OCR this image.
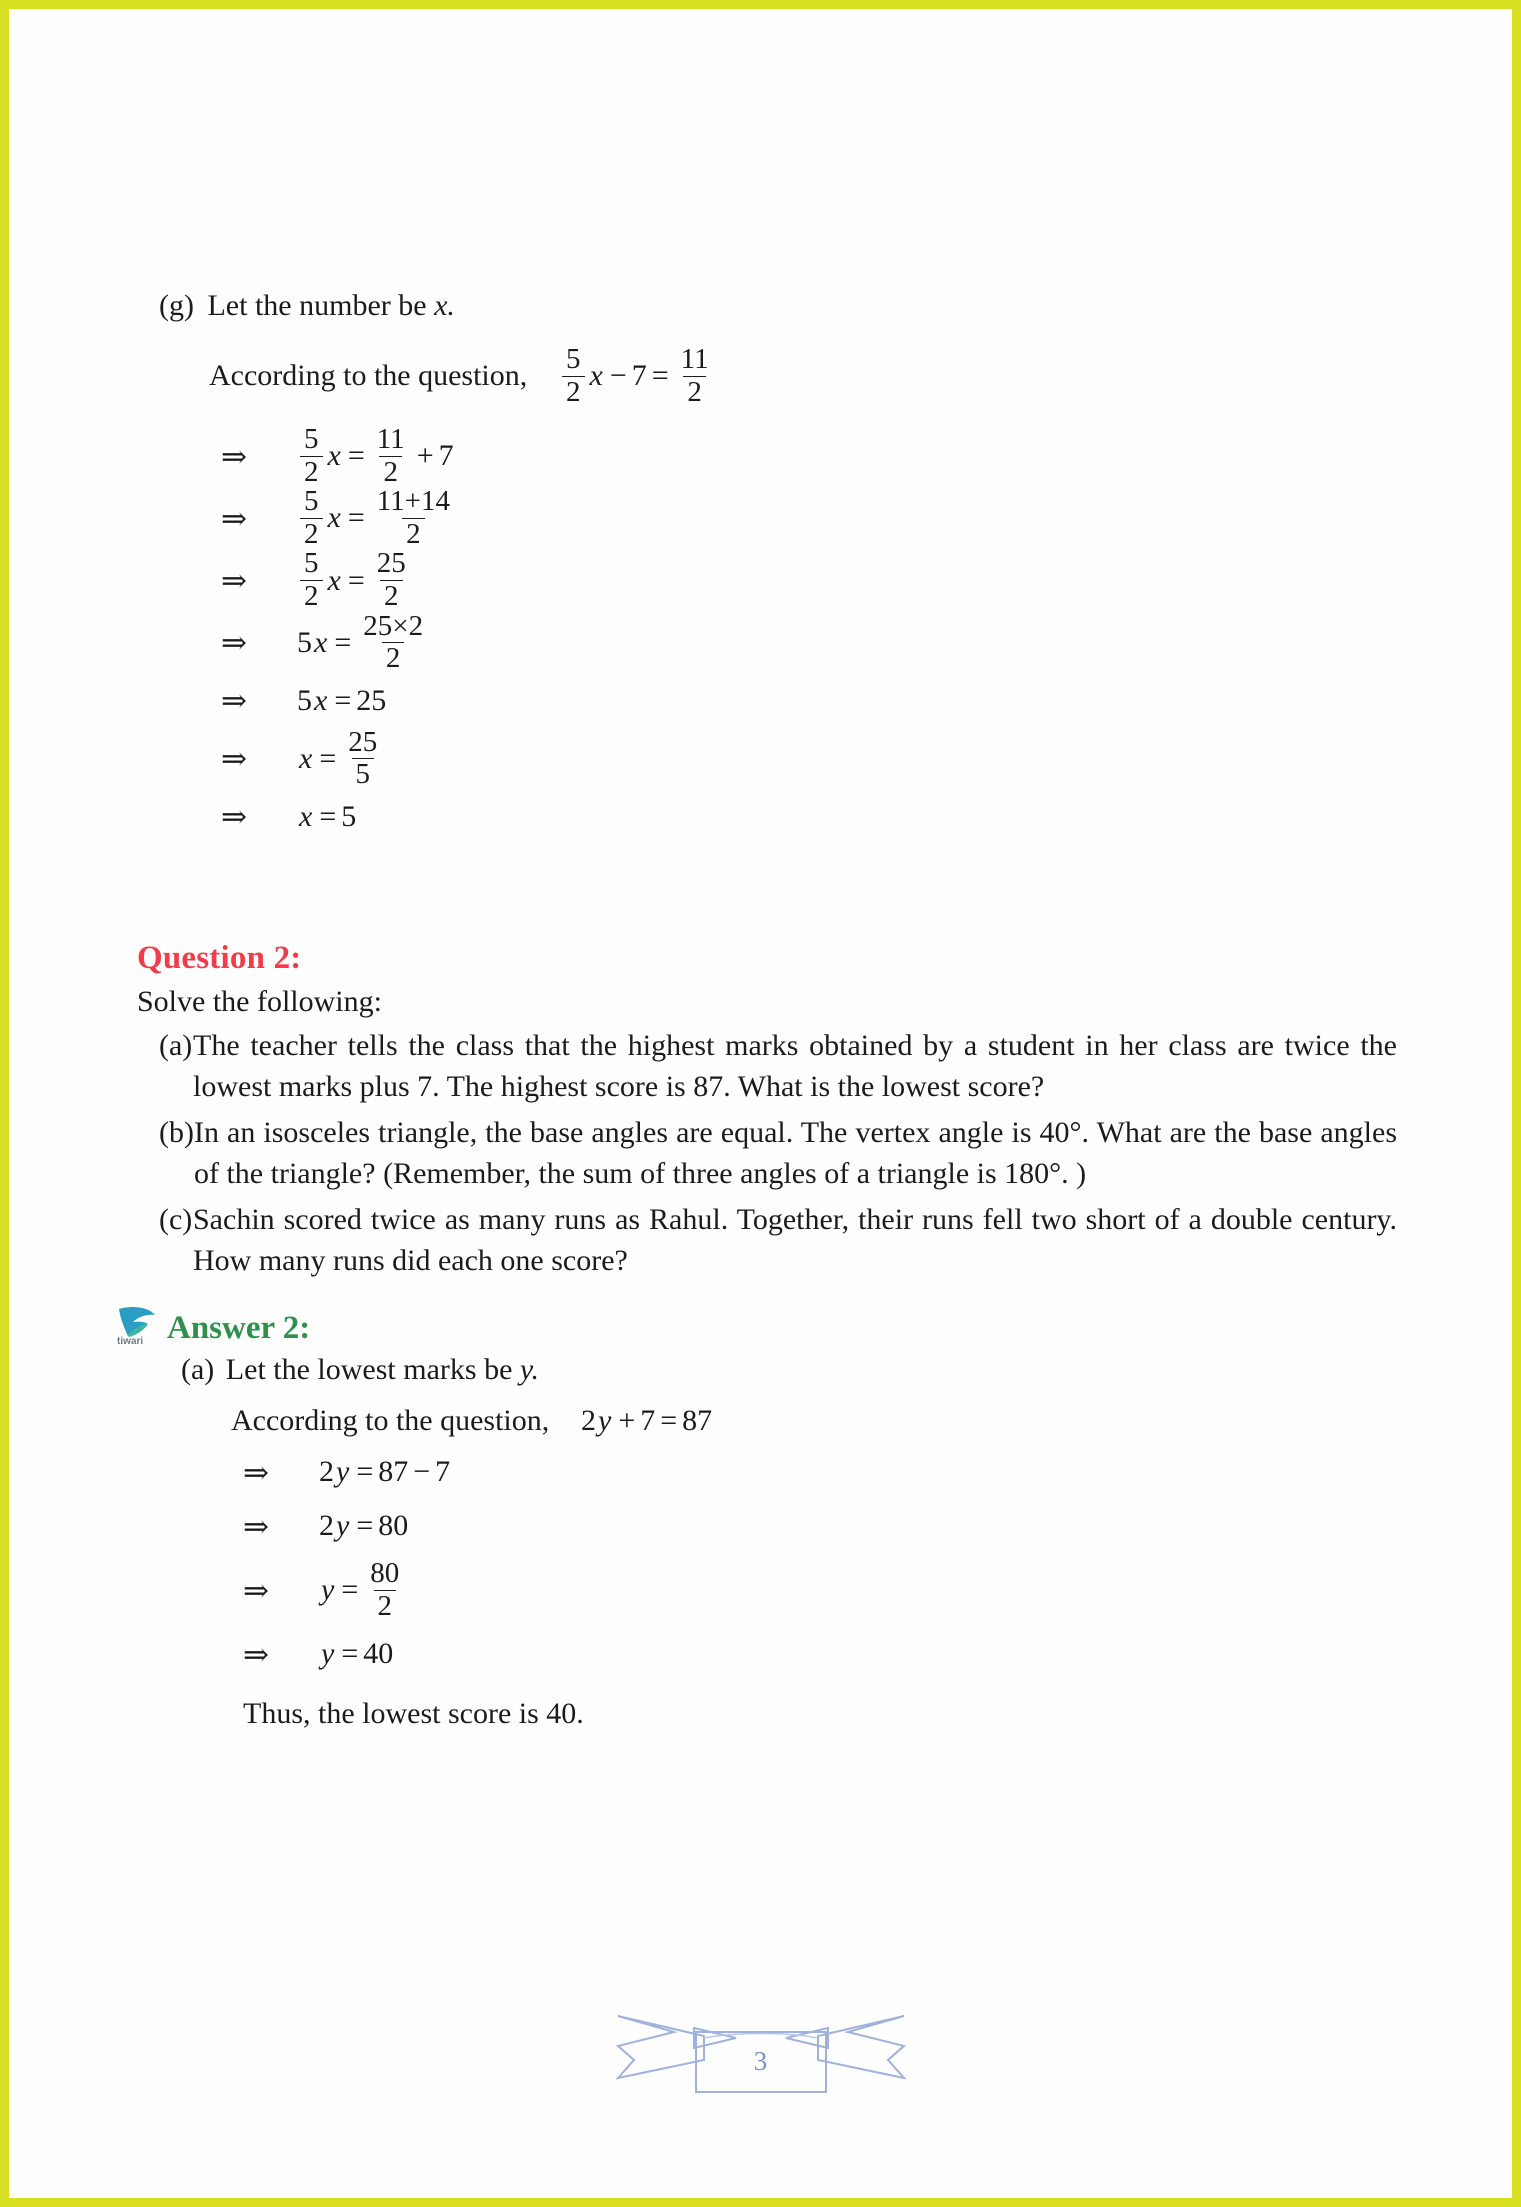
(g) Let the number be x.
According to the question,	$\frac{5}{2}$ $x - 7 = \frac{11}{2}$
⇒	$\frac{5}{2}$ $x = \frac{11}{2} + 7$
⇒	$\frac{5}{2}$ $x = \frac{11+14}{2}$
⇒	$\frac{5}{2}$ $x = \frac{25}{2}$
⇒	5 $x = \frac{25\times 2}{2}$
⇒	5 x = 25
⇒	$x = \frac{25}{5}$
⇒	x = 5
Question 2:
Solve the following:
(a) The teacher tells the class that the highest marks obtained by a student in her class are twice the lowest marks plus 7. The highest score is 87. What is the lowest score?
(b) In an isosceles triangle, the base angles are equal. The vertex angle is 40°. What are the base angles of the triangle? (Remember, the sum of three angles of a triangle is 180°. )
(c) Sachin scored twice as many runs as Rahul. Together, their runs fell two short of a double century. How many runs did each one score?
tiwari Answer 2:
(a) Let the lowest marks be y.
According to the question,	2 y + 7 = 87
⇒	2 y = 87 − 7
⇒	2 y = 80
⇒	$y = \frac{80}{2}$
⇒	y = 40
Thus, the lowest score is 40.
3
